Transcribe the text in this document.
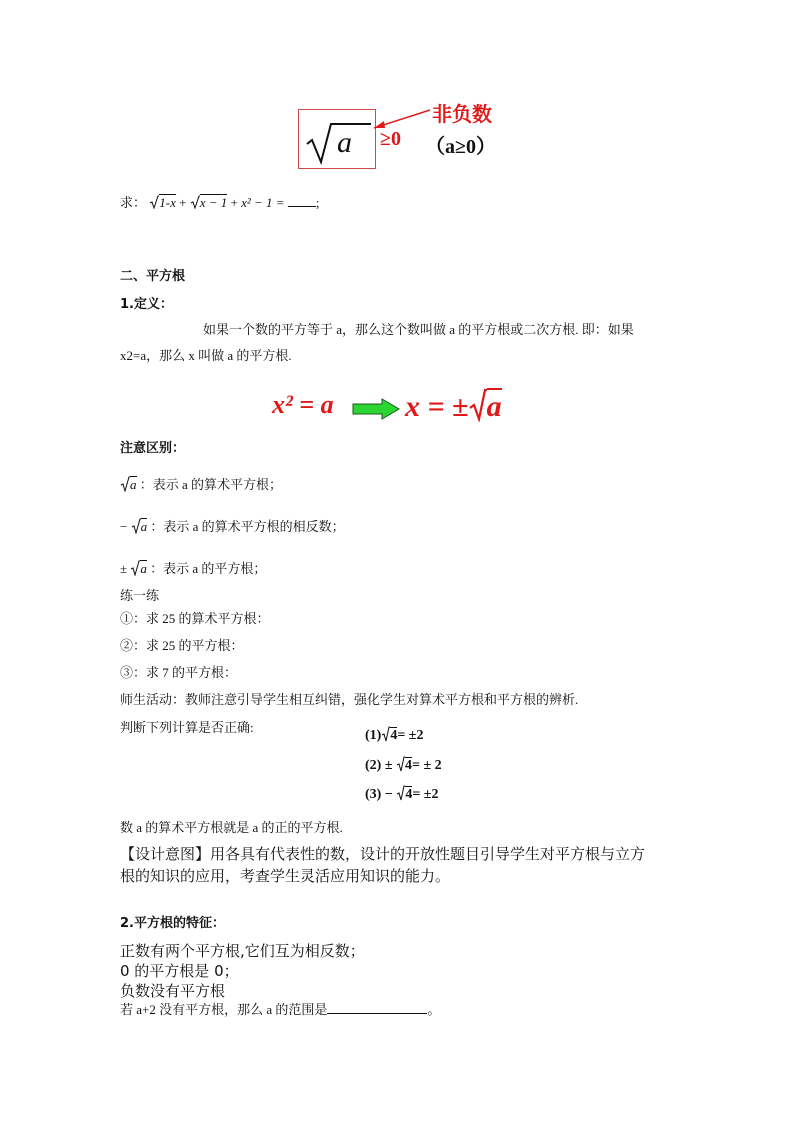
a ≥0 （a≥0）
非负数
求： 1-x + x − 1 + x² − 1 = ;
二、平方根
1.定义：
如果一个数的平方等于 a，那么这个数叫做 a 的平方根或二次方根. 即：如果
x2=a，那么 x 叫做 a 的平方根.
x² = a x = ± a
注意区别：
a ：表示 a 的算术平方根；
− a ：表示 a 的算术平方根的相反数；
± a ：表示 a 的平方根；
练一练
①：求 25 的算术平方根：
②：求 25 的平方根：
③：求 7 的平方根：
师生活动：教师注意引导学生相互纠错，强化学生对算术平方根和平方根的辨析.
判断下列计算是否正确:
(1) 4= ±2
(2) ± 4= ± 2
(3) − 4= ±2
数 a 的算术平方根就是 a 的正的平方根.
【设计意图】用各具有代表性的数，设计的开放性题目引导学生对平方根与立方
根的知识的应用，考查学生灵活应用知识的能力。
2.平方根的特征：
正数有两个平方根,它们互为相反数；
0 的平方根是 0；
负数没有平方根
若 a+2 没有平方根，那么 a 的范围是	。
